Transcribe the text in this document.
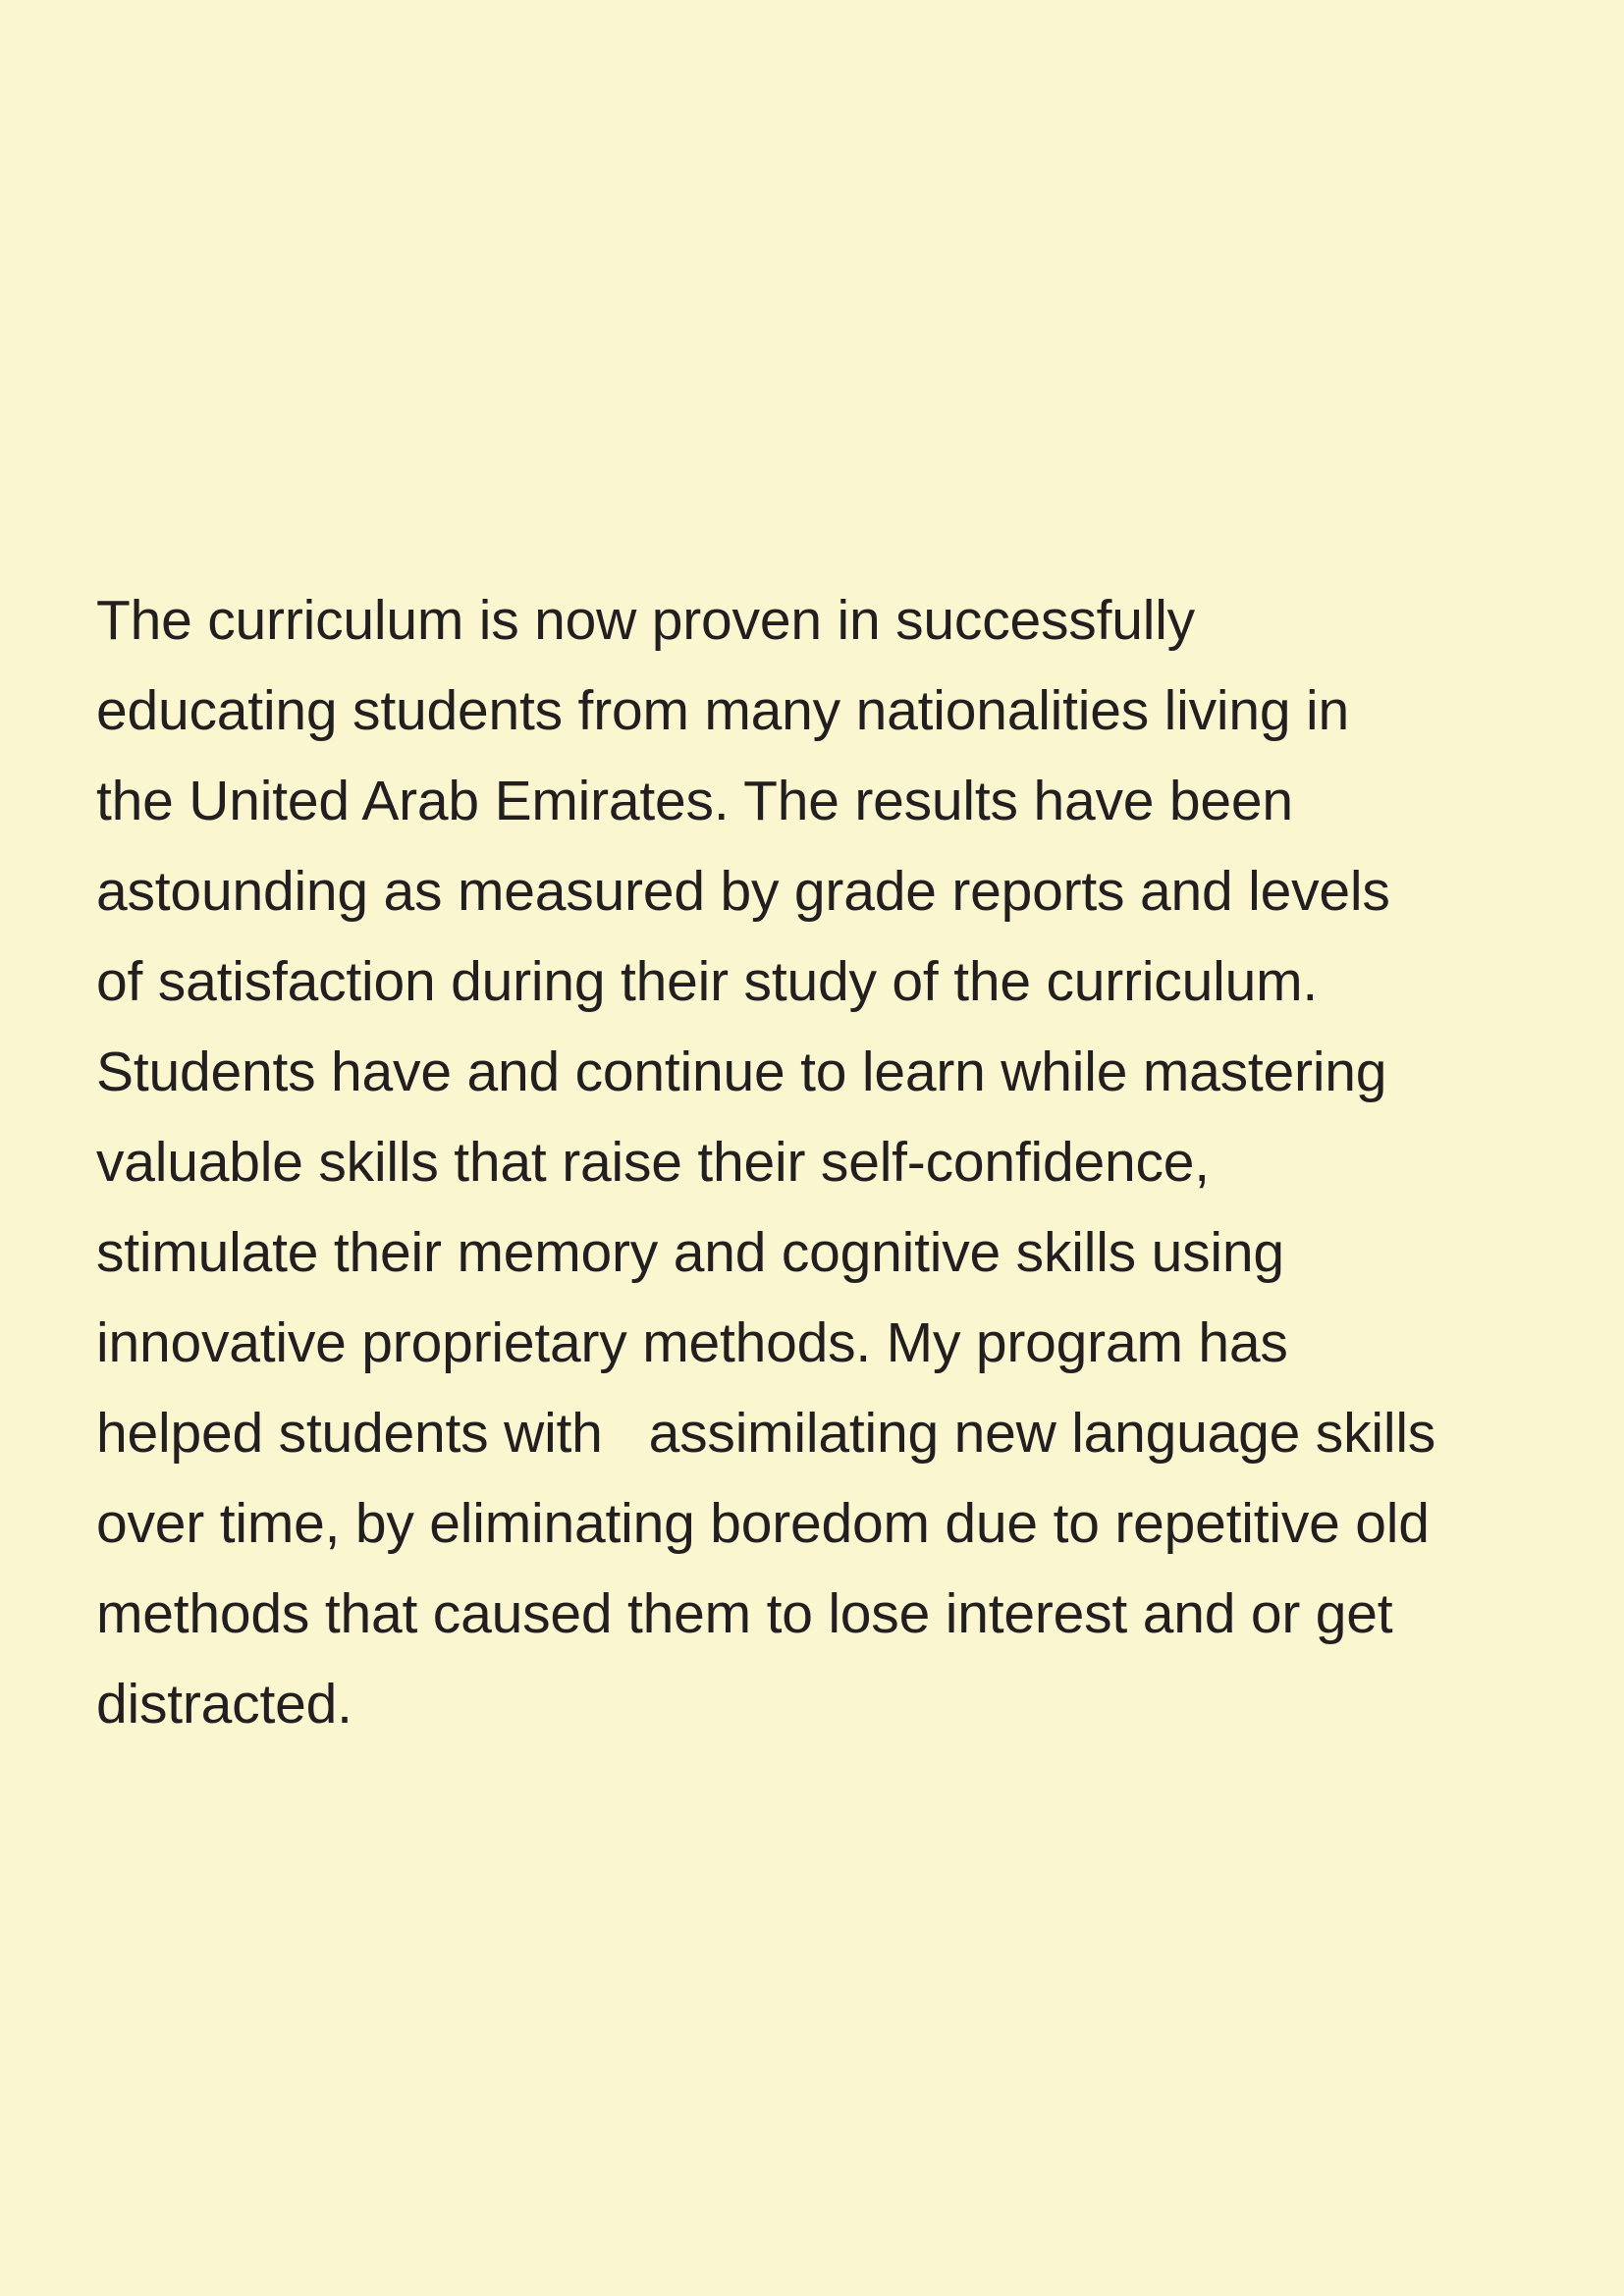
The curriculum is now proven in successfully
educating students from many nationalities living in
the United Arab Emirates. The results have been
astounding as measured by grade reports and levels
of satisfaction during their study of the curriculum.
Students have and continue to learn while mastering
valuable skills that raise their self-confidence,
stimulate their memory and cognitive skills using
innovative proprietary methods. My program has
helped students with   assimilating new language skills
over time, by eliminating boredom due to repetitive old
methods that caused them to lose interest and or get
distracted.
